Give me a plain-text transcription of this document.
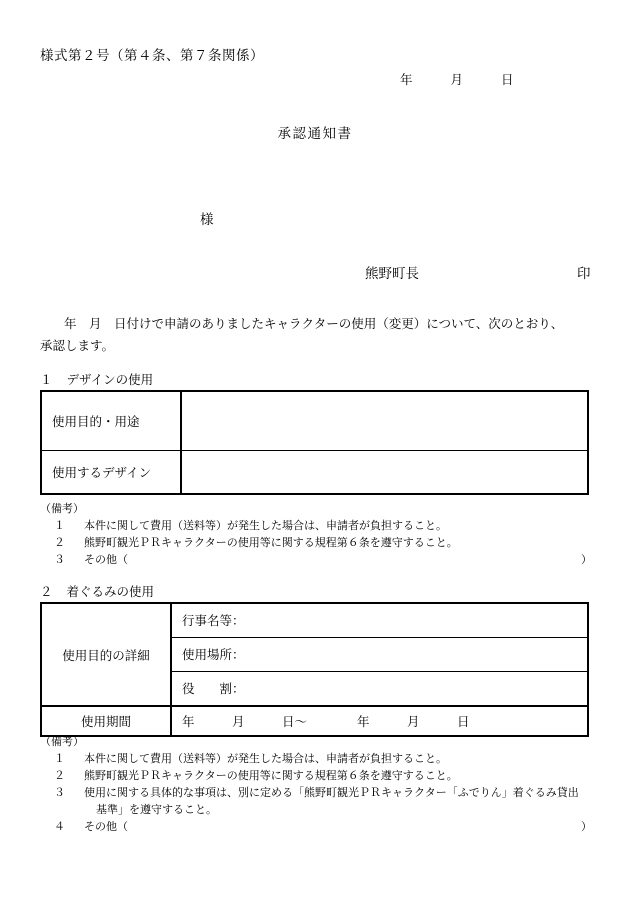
様式第２号（第４条、第７条関係）
年	月	日
承認通知書
様
熊野町長	印
年　月　日付けで申請のありましたキャラクターの使用（変更）について、次のとおり、
承認します。
１ デザインの使用
使用目的・用途	
使用するデザイン	
（備考）
１ 本件に関して費用（送料等）が発生した場合は、申請者が負担すること。
２ 熊野町観光ＰＲキャラクターの使用等に関する規程第６条を遵守すること。
３ その他（	）
２ 着ぐるみの使用
使用目的の詳細	行事名等：
使用場所：
役　　割：

使用期間	年　　　月　　　日～　　　　年　　　月　　　日
（備考）
１ 本件に関して費用（送料等）が発生した場合は、申請者が負担すること。
２ 熊野町観光ＰＲキャラクターの使用等に関する規程第６条を遵守すること。
３ 使用に関する具体的な事項は、別に定める「熊野町観光ＰＲキャラクター「ふでりん」着ぐるみ貸出
基準」を遵守すること。
４ その他（	）
